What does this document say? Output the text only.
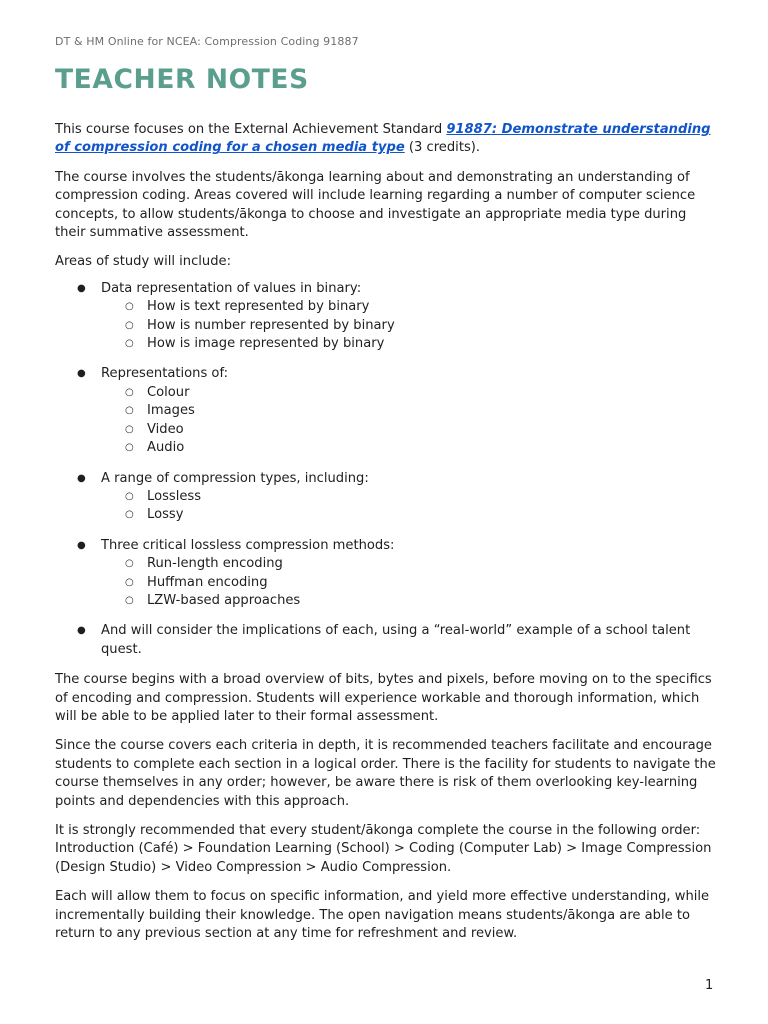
DT & HM Online for NCEA: Compression Coding 91887
TEACHER NOTES

This course focuses on the External Achievement Standard 91887: Demonstrate understanding of compression coding for a chosen media type (3 credits).

The course involves the students/ākonga learning about and demonstrating an understanding of compression coding. Areas covered will include learning regarding a number of computer science concepts, to allow students/ākonga to choose and investigate an appropriate media type during their summative assessment.

Areas of study will include:

● Data representation of values in binary:
○ How is text represented by binary
○ How is number represented by binary
○ How is image represented by binary
● Representations of:
○ Colour
○ Images
○ Video
○ Audio
● A range of compression types, including:
○ Lossless
○ Lossy
● Three critical lossless compression methods:
○ Run-length encoding
○ Huffman encoding
○ LZW-based approaches
● And will consider the implications of each, using a “real-world” example of a school talent quest.

The course begins with a broad overview of bits, bytes and pixels, before moving on to the specifics of encoding and compression. Students will experience workable and thorough information, which will be able to be applied later to their formal assessment.

Since the course covers each criteria in depth, it is recommended teachers facilitate and encourage students to complete each section in a logical order. There is the facility for students to navigate the course themselves in any order; however, be aware there is risk of them overlooking key-learning points and dependencies with this approach.

It is strongly recommended that every student/ākonga complete the course in the following order: Introduction (Café) > Foundation Learning (School) > Coding (Computer Lab) > Image Compression (Design Studio) > Video Compression > Audio Compression.

Each will allow them to focus on specific information, and yield more effective understanding, while incrementally building their knowledge. The open navigation means students/ākonga are able to return to any previous section at any time for refreshment and review.

1
